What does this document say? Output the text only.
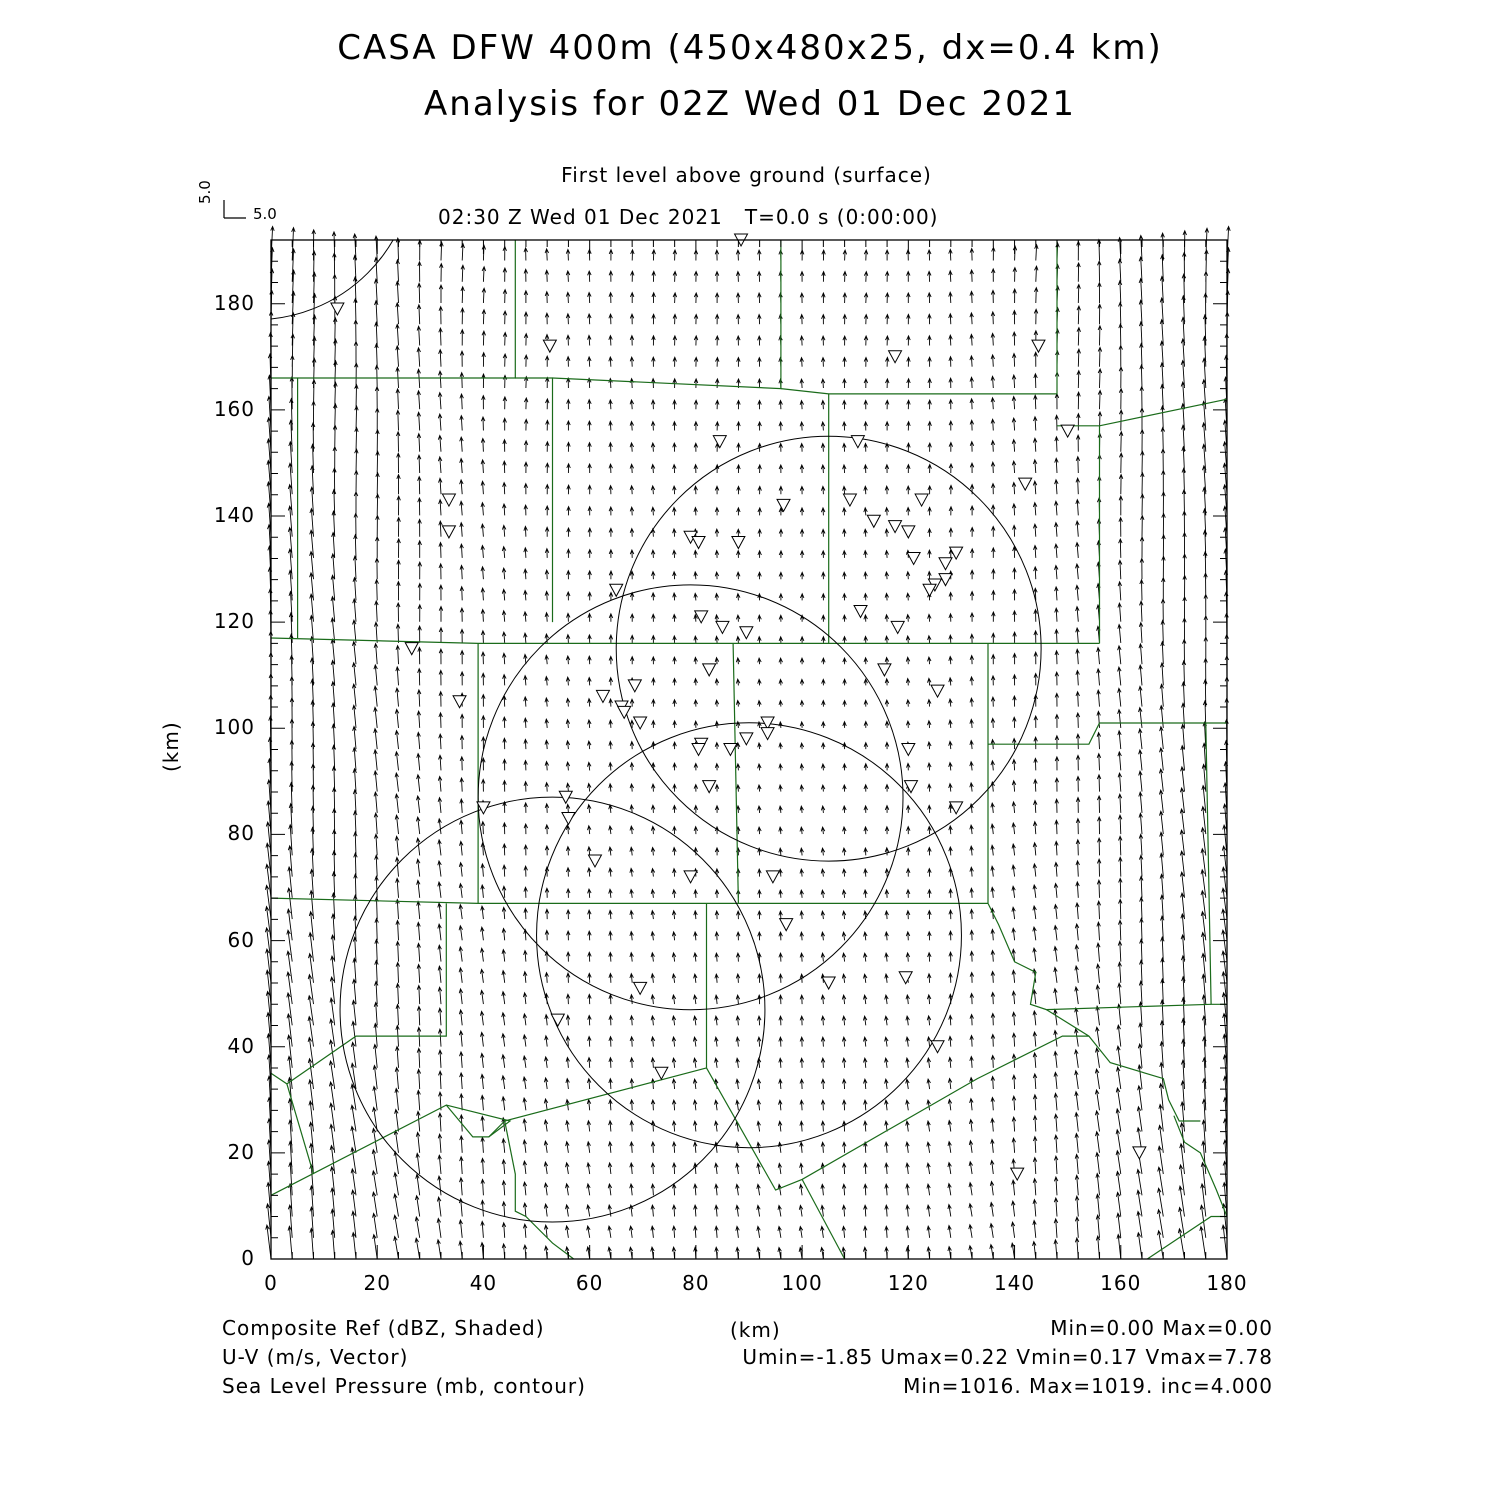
CASA DFW 400m (450x480x25, dx=0.4 km)
Analysis for 02Z Wed 01 Dec 2021
First level above ground (surface)
02:30 Z Wed 01 Dec 2021   T=0.0 s (0:00:00)
5.0
5.0
0	20	40	60	80	100	120	140	160	180
0
20
40
60
80
100
120
140
160
180
(km)
(km)
Composite Ref (dBZ, Shaded)	Min=0.00 Max=0.00
U-V (m/s, Vector)	Umin=-1.85 Umax=0.22 Vmin=0.17 Vmax=7.78
Sea Level Pressure (mb, contour)	Min=1016. Max=1019. inc=4.000
